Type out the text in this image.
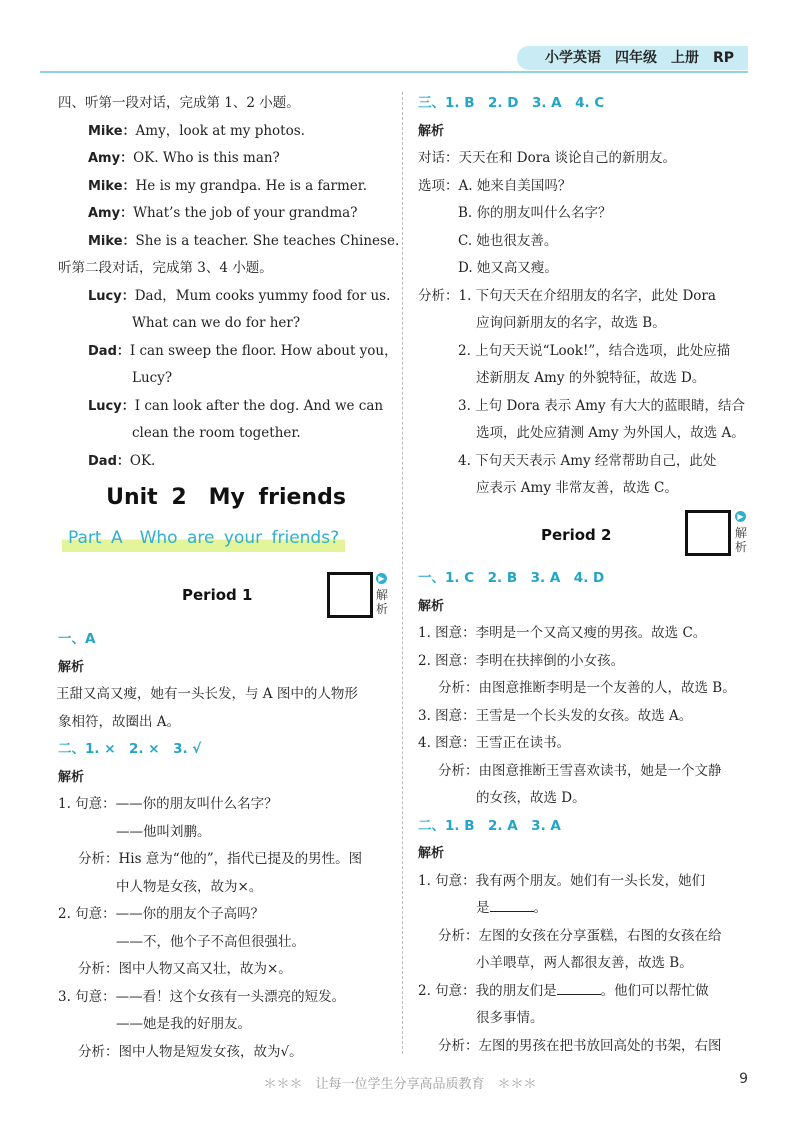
小学英语　四年级　上册　RP
四、听第一段对话，完成第 1、2 小题。
Mike：Amy，look at my photos.
Amy：OK. Who is this man?
Mike：He is my grandpa. He is a farmer.
Amy：What’s the job of your grandma?
Mike：She is a teacher. She teaches Chinese.
听第二段对话，完成第 3、4 小题。
Lucy：Dad，Mum cooks yummy food for us.
What can we do for her?
Dad：I can sweep the floor. How about you，
Lucy?
Lucy：I can look after the dog. And we can
clean the room together.
Dad：OK.
Unit 2　My friends
Part A　Who are your friends?
Period 1
▶
解析
一、A
解析
王甜又高又瘦，她有一头长发，与 A 图中的人物形
象相符，故圈出 A。
二、1. ×　2. ×　3. √
解析
1. 句意：——你的朋友叫什么名字？
——他叫刘鹏。
分析：His 意为“他的”，指代已提及的男性。图
中人物是女孩，故为×。
2. 句意：——你的朋友个子高吗？
——不，他个子不高但很强壮。
分析：图中人物又高又壮，故为×。
3. 句意：——看！这个女孩有一头漂亮的短发。
——她是我的好朋友。
分析：图中人物是短发女孩，故为√。
三、1. B　2. D　3. A　4. C
解析
对话：天天在和 Dora 谈论自己的新朋友。
选项：A. 她来自美国吗？
B. 你的朋友叫什么名字？
C. 她也很友善。
D. 她又高又瘦。
分析：1. 下句天天在介绍朋友的名字，此处 Dora
应询问新朋友的名字，故选 B。
2. 上句天天说“Look!”，结合选项，此处应描
述新朋友 Amy 的外貌特征，故选 D。
3. 上句 Dora 表示 Amy 有大大的蓝眼睛，结合
选项，此处应猜测 Amy 为外国人，故选 A。
4. 下句天天表示 Amy 经常帮助自己，此处
应表示 Amy 非常友善，故选 C。
Period 2
▶
解析
一、1. C　2. B　3. A　4. D
解析
1. 图意：李明是一个又高又瘦的男孩。故选 C。
2. 图意：李明在扶摔倒的小女孩。
分析：由图意推断李明是一个友善的人，故选 B。
3. 图意：王雪是一个长头发的女孩。故选 A。
4. 图意：王雪正在读书。
分析：由图意推断王雪喜欢读书，她是一个文静
的女孩，故选 D。
二、1. B　2. A　3. A
解析
1. 句意：我有两个朋友。她们有一头长发，她们
是	。
分析：左图的女孩在分享蛋糕，右图的女孩在给
小羊喂草，两人都很友善，故选 B。
2. 句意：我的朋友们是	。他们可以帮忙做
很多事情。
分析：左图的男孩在把书放回高处的书架，右图
＊＊＊　让每一位学生分享高品质教育　＊＊＊	9
